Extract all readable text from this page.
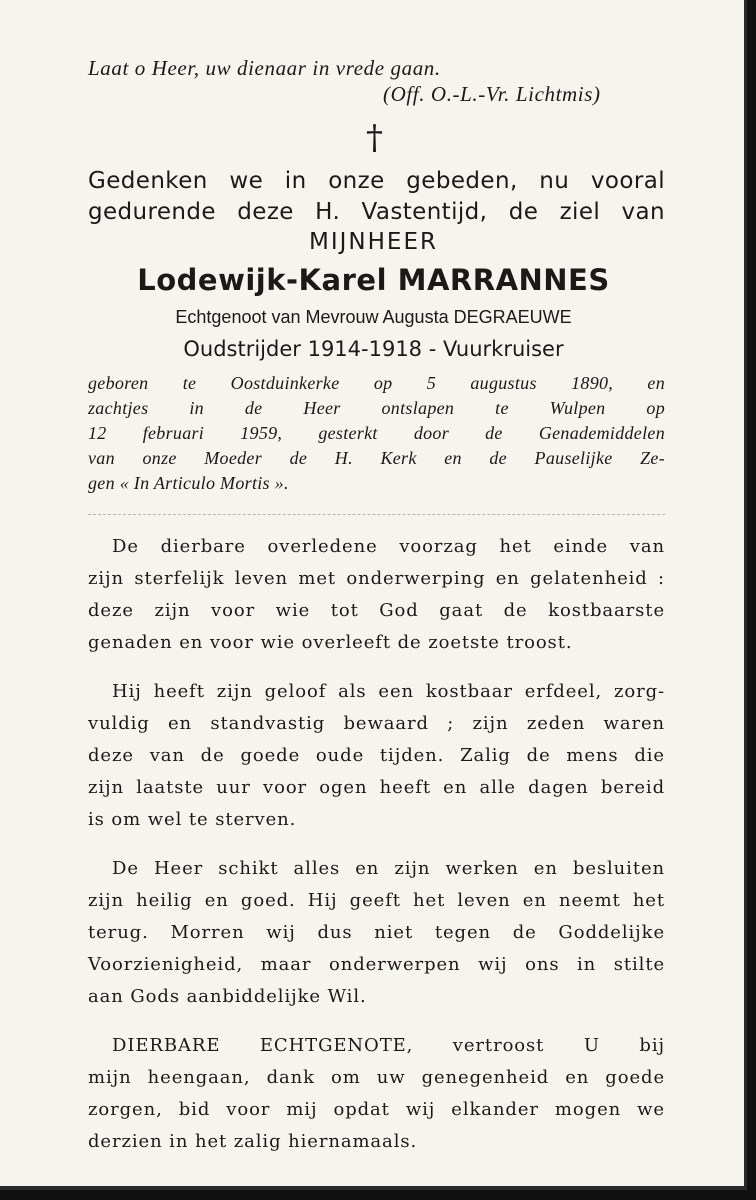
Laat o Heer, uw dienaar in vrede gaan.
(Off. O.-L.-Vr. Lichtmis)
†
Gedenken we in onze gebeden, nu vooral
gedurende deze H. Vastentijd, de ziel van
MIJNHEER
Lodewijk-Karel MARRANNES
Echtgenoot van Mevrouw Augusta DEGRAEUWE
Oudstrijder 1914-1918 - Vuurkruiser
geboren te Oostduinkerke op 5 augustus 1890, en
zachtjes in de Heer ontslapen te Wulpen op
12 februari 1959, gesterkt door de Genademiddelen
van onze Moeder de H. Kerk en de Pauselijke Ze-
gen « In Articulo Mortis ».
De dierbare overledene voorzag het einde van
zijn sterfelijk leven met onderwerping en gelatenheid :
deze zijn voor wie tot God gaat de kostbaarste
genaden en voor wie overleeft de zoetste troost.
Hij heeft zijn geloof als een kostbaar erfdeel, zorg-
vuldig en standvastig bewaard ; zijn zeden waren
deze van de goede oude tijden. Zalig de mens die
zijn laatste uur voor ogen heeft en alle dagen bereid
is om wel te sterven.
De Heer schikt alles en zijn werken en besluiten
zijn heilig en goed. Hij geeft het leven en neemt het
terug. Morren wij dus niet tegen de Goddelijke
Voorzienigheid, maar onderwerpen wij ons in stilte
aan Gods aanbiddelijke Wil.
DIERBARE ECHTGENOTE, vertroost U bij
mijn heengaan, dank om uw genegenheid en goede
zorgen, bid voor mij opdat wij elkander mogen we
derzien in het zalig hiernamaals.
